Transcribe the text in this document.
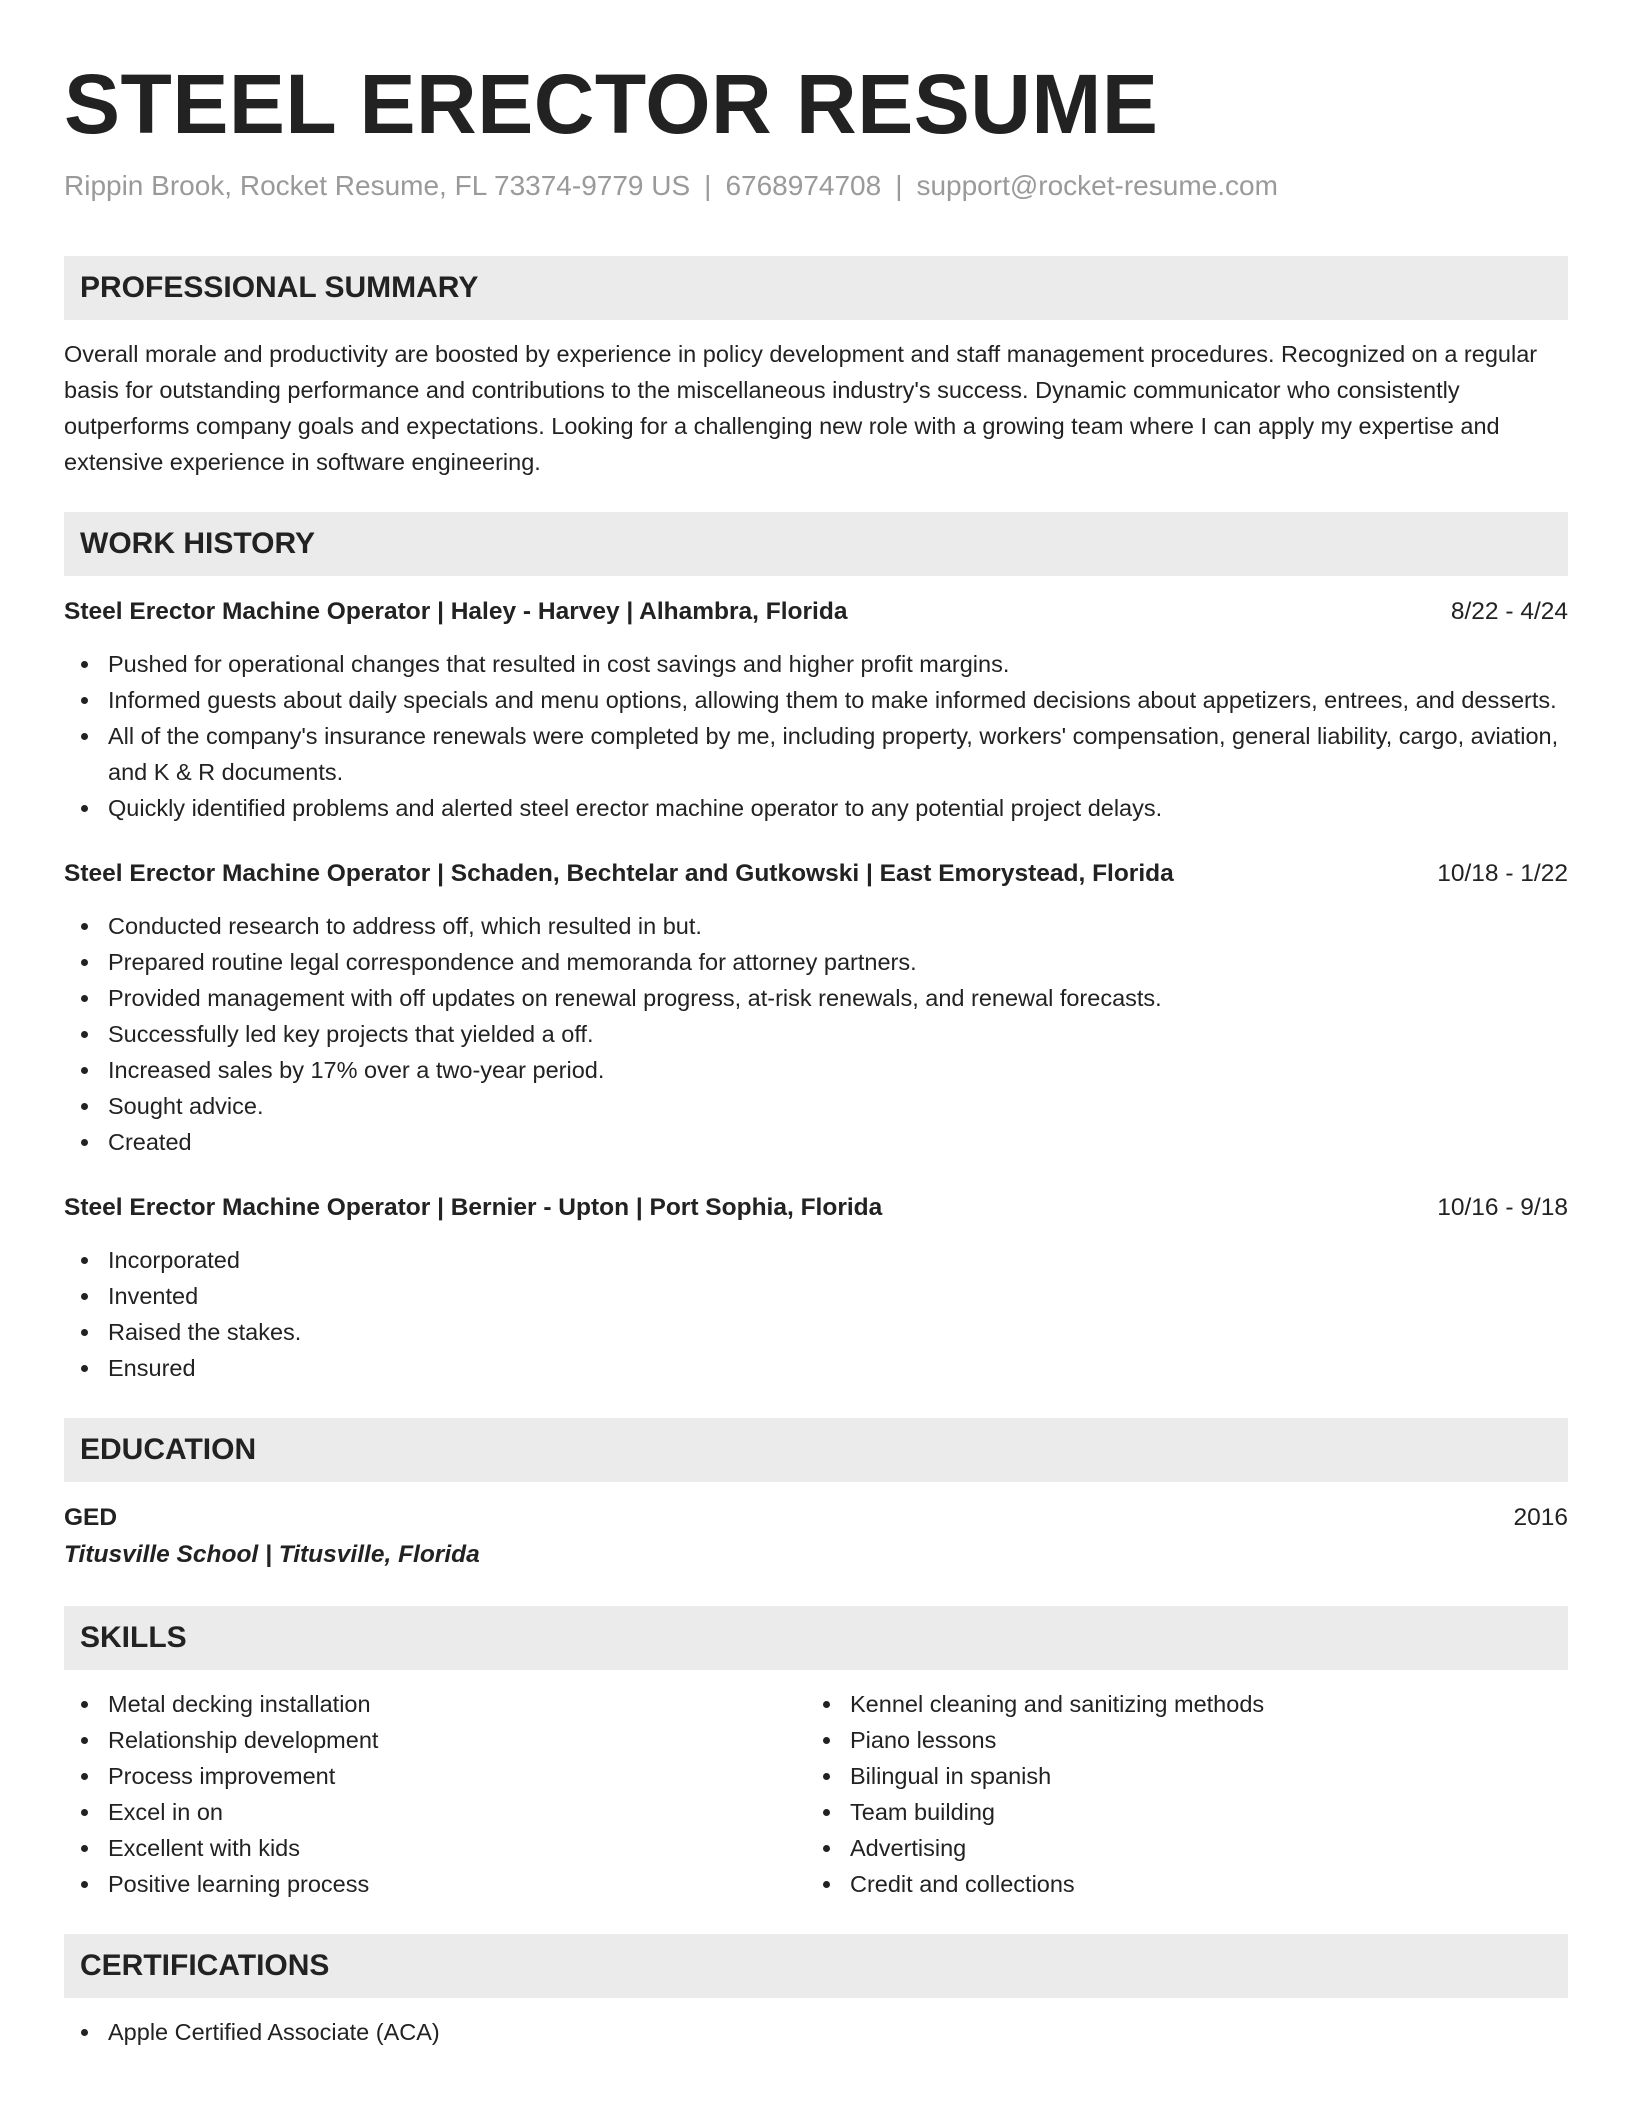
STEEL ERECTOR RESUME
Rippin Brook, Rocket Resume, FL 73374-9779 US | 6768974708 | support@rocket-resume.com
PROFESSIONAL SUMMARY

Overall morale and productivity are boosted by experience in policy development and staff management procedures. Recognized on a regular basis for outstanding performance and contributions to the miscellaneous industry's success. Dynamic communicator who consistently outperforms company goals and expectations. Looking for a challenging new role with a growing team where I can apply my expertise and extensive experience in software engineering.

WORK HISTORY
Steel Erector Machine Operator | Haley - Harvey | Alhambra, Florida	8/22 - 4/24
Pushed for operational changes that resulted in cost savings and higher profit margins.
Informed guests about daily specials and menu options, allowing them to make informed decisions about appetizers, entrees, and desserts.
All of the company's insurance renewals were completed by me, including property, workers' compensation, general liability, cargo, aviation, and K & R documents.
Quickly identified problems and alerted steel erector machine operator to any potential project delays.
Steel Erector Machine Operator | Schaden, Bechtelar and Gutkowski | East Emorystead, Florida	10/18 - 1/22
Conducted research to address off, which resulted in but.
Prepared routine legal correspondence and memoranda for attorney partners.
Provided management with off updates on renewal progress, at-risk renewals, and renewal forecasts.
Successfully led key projects that yielded a off.
Increased sales by 17% over a two-year period.
Sought advice.
Created
Steel Erector Machine Operator | Bernier - Upton | Port Sophia, Florida	10/16 - 9/18
Incorporated
Invented
Raised the stakes.
Ensured
EDUCATION
GED	2016
Titusville School | Titusville, Florida
SKILLS
Metal decking installation
Relationship development
Process improvement
Excel in on
Excellent with kids
Positive learning process
Kennel cleaning and sanitizing methods
Piano lessons
Bilingual in spanish
Team building
Advertising
Credit and collections
CERTIFICATIONS
Apple Certified Associate (ACA)
